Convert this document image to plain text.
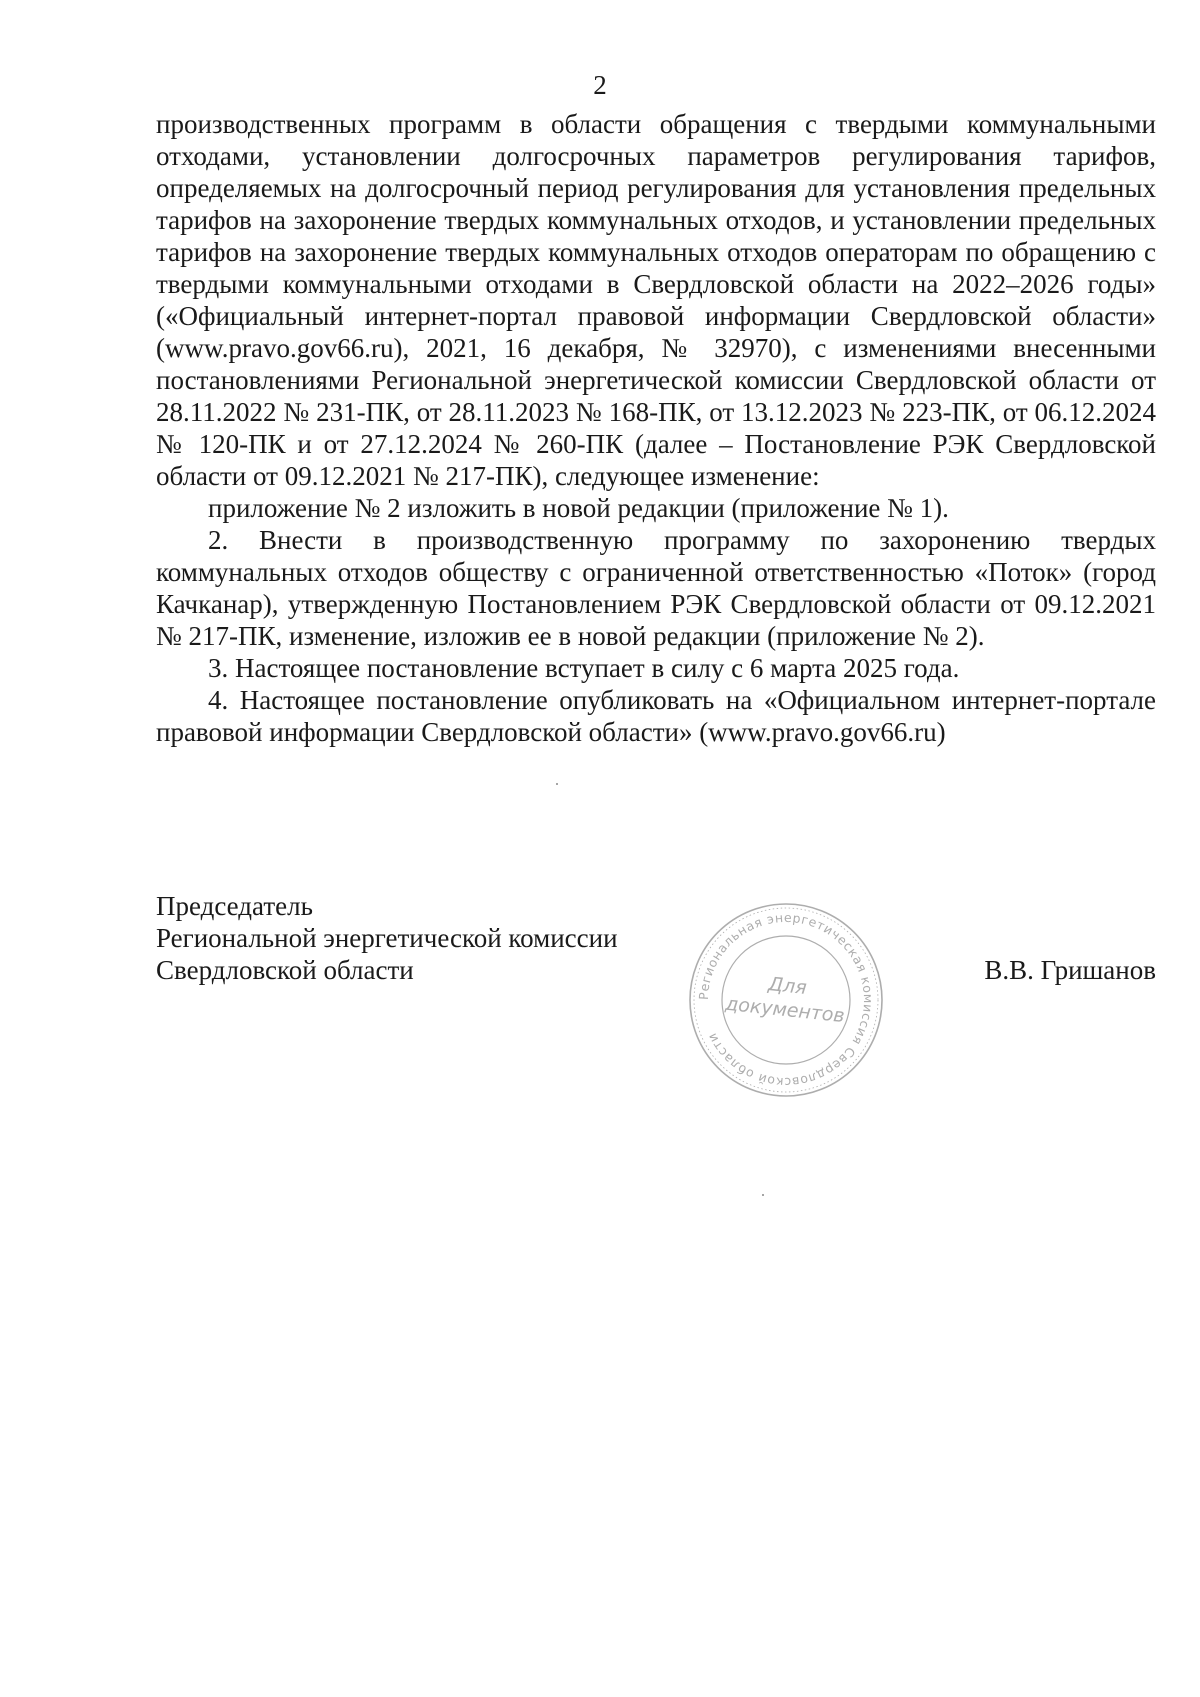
2

производственных программ в области обращения с твердыми коммунальными отходами, установлении долгосрочных параметров регулирования тарифов, определяемых на долгосрочный период регулирования для установления предельных тарифов на захоронение твердых коммунальных отходов, и установлении предельных тарифов на захоронение твердых коммунальных отходов операторам по обращению с твердыми коммунальными отходами в Свердловской области на 2022–2026 годы» («Официальный интернет-портал правовой информации Свердловской области» (www.pravo.gov66.ru), 2021, 16 декабря, № 32970), с изменениями внесенными постановлениями Региональной энергетической комиссии Свердловской области от 28.11.2022 № 231-ПК, от 28.11.2023 № 168-ПК, от 13.12.2023 № 223-ПК, от 06.12.2024 № 120-ПК и от 27.12.2024 № 260-ПК (далее – Постановление РЭК Свердловской области от 09.12.2021 № 217-ПК), следующее изменение:

приложение № 2 изложить в новой редакции (приложение № 1).

2. Внести в производственную программу по захоронению твердых коммунальных отходов обществу с ограниченной ответственностью «Поток» (город Качканар), утвержденную Постановлением РЭК Свердловской области от 09.12.2021 № 217-ПК, изменение, изложив ее в новой редакции (приложение № 2).

3. Настоящее постановление вступает в силу с 6 марта 2025 года.

4. Настоящее постановление опубликовать на «Официальном интернет-портале правовой информации Свердловской области» (www.pravo.gov66.ru)

Председатель
Региональной энергетической комиссии
Свердловской области
Региональная энергетическая комиссия Свердловской области
Для
документов
В.В. Гришанов
